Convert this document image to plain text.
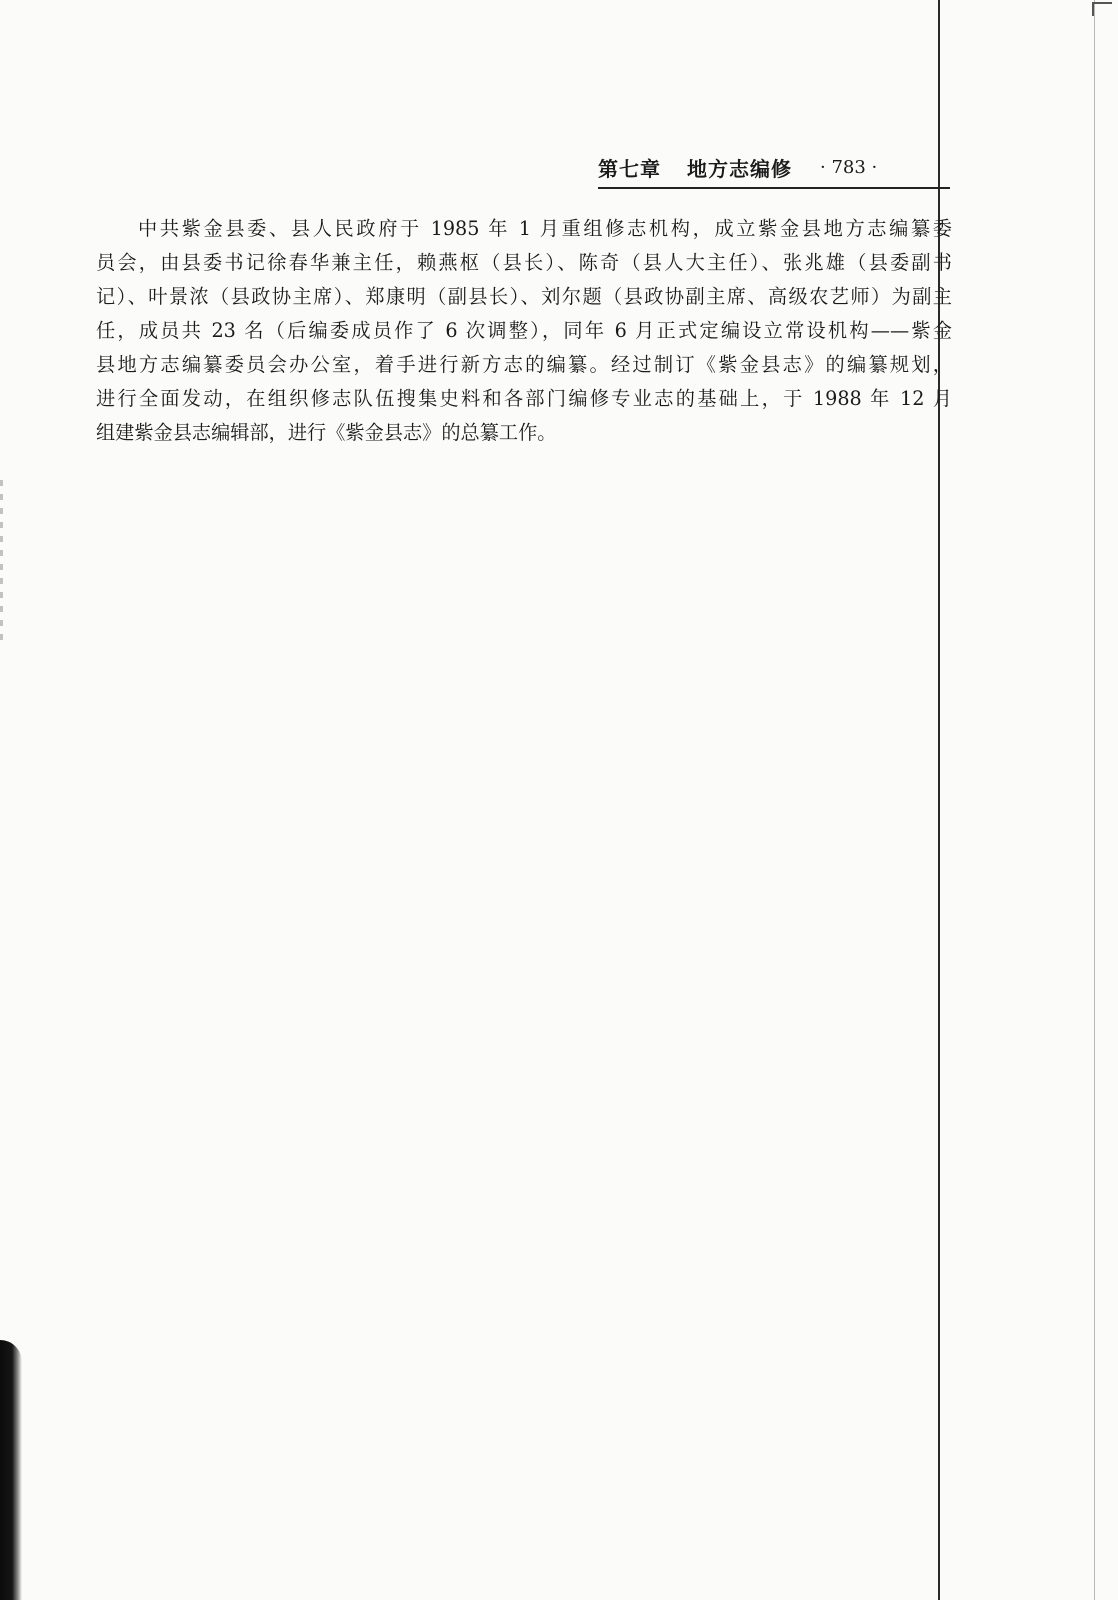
第七章 地方志编修 · 783 ·
中共紫金县委、县人民政府于 1985 年 1 月重组修志机构，成立紫金县地方志编纂委
员会，由县委书记徐春华兼主任，赖燕枢（县长）、陈奇（县人大主任）、张兆雄（县委副书
记）、叶景浓（县政协主席）、郑康明（副县长）、刘尔题（县政协副主席、高级农艺师）为副主
任，成员共 23 名（后编委成员作了 6 次调整），同年 6 月正式定编设立常设机构——紫金
县地方志编纂委员会办公室，着手进行新方志的编纂。经过制订《紫金县志》的编纂规划，
进行全面发动，在组织修志队伍搜集史料和各部门编修专业志的基础上，于 1988 年 12 月
组建紫金县志编辑部，进行《紫金县志》的总纂工作。
